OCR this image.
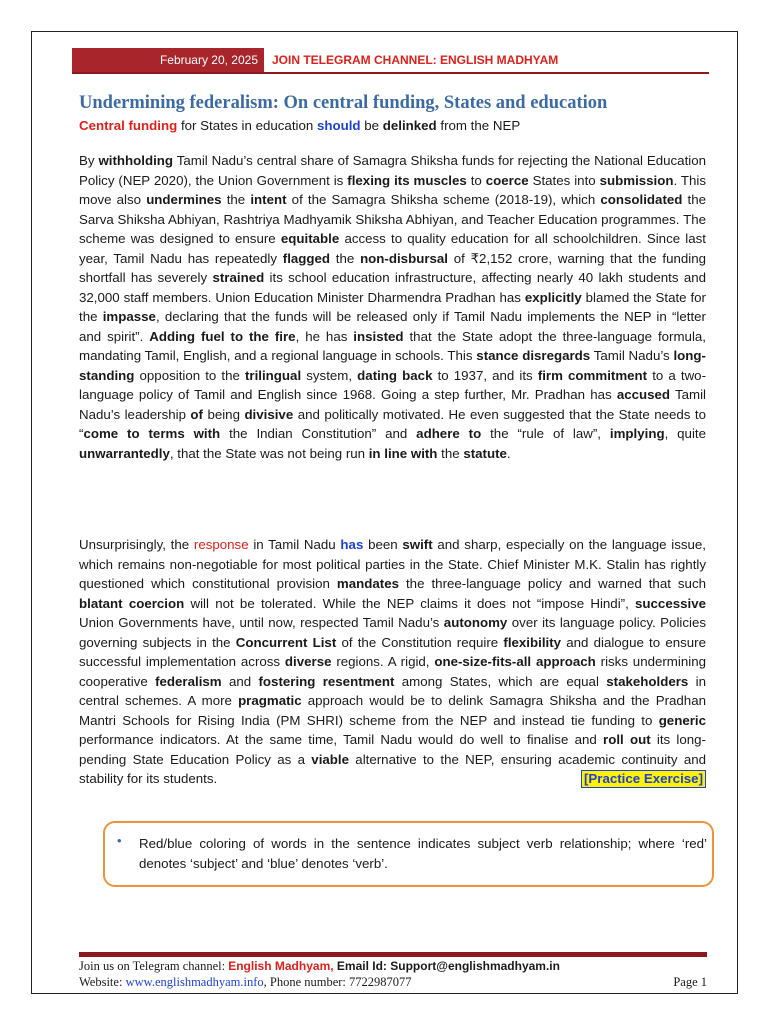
February 20, 2025	JOIN TELEGRAM CHANNEL: ENGLISH MADHYAM
Undermining federalism: On central funding, States and education
Central funding for States in education should be delinked from the NEP

By withholding Tamil Nadu’s central share of Samagra Shiksha funds for rejecting the National Education Policy (NEP 2020), the Union Government is flexing its muscles to coerce States into submission. This move also undermines the intent of the Samagra Shiksha scheme (2018-19), which consolidated the Sarva Shiksha Abhiyan, Rashtriya Madhyamik Shiksha Abhiyan, and Teacher Education programmes. The scheme was designed to ensure equitable access to quality education for all schoolchildren. Since last year, Tamil Nadu has repeatedly flagged the non-disbursal of ₹2,152 crore, warning that the funding shortfall has severely strained its school education infrastructure, affecting nearly 40 lakh students and 32,000 staff members. Union Education Minister Dharmendra Pradhan has explicitly blamed the State for the impasse, declaring that the funds will be released only if Tamil Nadu implements the NEP in “letter and spirit”. Adding fuel to the fire, he has insisted that the State adopt the three-language formula, mandating Tamil, English, and a regional language in schools. This stance disregards Tamil Nadu’s long-standing opposition to the trilingual system, dating back to 1937, and its firm commitment to a two-language policy of Tamil and English since 1968. Going a step further, Mr. Pradhan has accused Tamil Nadu’s leadership of being divisive and politically motivated. He even suggested that the State needs to “come to terms with the Indian Constitution” and adhere to the “rule of law”, implying, quite unwarrantedly, that the State was not being run in line with the statute.

Unsurprisingly, the response in Tamil Nadu has been swift and sharp, especially on the language issue, which remains non-negotiable for most political parties in the State. Chief Minister M.K. Stalin has rightly questioned which constitutional provision mandates the three-language policy and warned that such blatant coercion will not be tolerated. While the NEP claims it does not “impose Hindi”, successive Union Governments have, until now, respected Tamil Nadu’s autonomy over its language policy. Policies governing subjects in the Concurrent List of the Constitution require flexibility and dialogue to ensure successful implementation across diverse regions. A rigid, one-size-fits-all approach risks undermining cooperative federalism and fostering resentment among States, which are equal stakeholders in central schemes. A more pragmatic approach would be to delink Samagra Shiksha and the Pradhan Mantri Schools for Rising India (PM SHRI) scheme from the NEP and instead tie funding to generic performance indicators. At the same time, Tamil Nadu would do well to finalise and roll out its long-pending State Education Policy as a viable alternative to the NEP, ensuring academic continuity and stability for its students.	[Practice Exercise]

• Red/blue coloring of words in the sentence indicates subject verb relationship; where ‘red’ denotes ‘subject’ and ‘blue’ denotes ‘verb’.
Join us on Telegram channel: English Madhyam, Email Id: Support@englishmadhyam.in
Website: www.englishmadhyam.info, Phone number: 7722987077	Page 1
